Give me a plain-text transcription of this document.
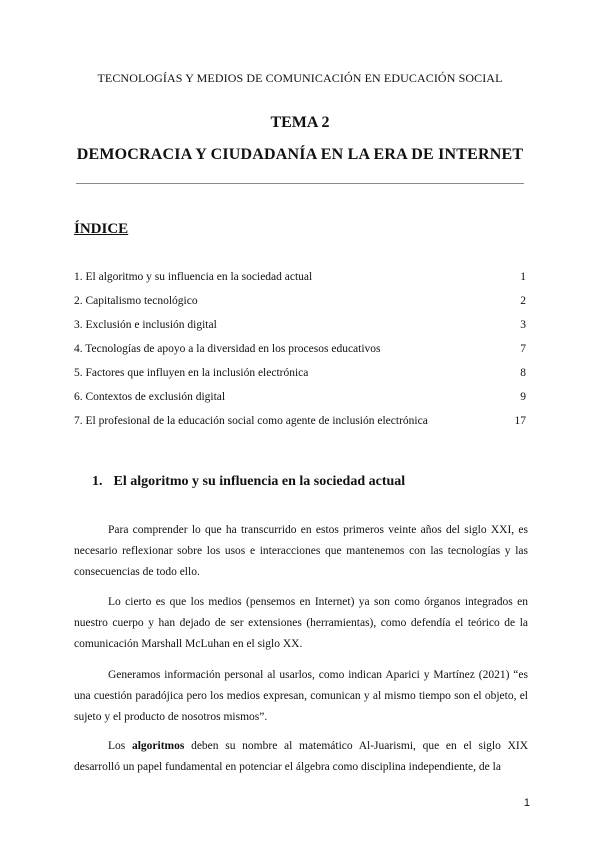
TECNOLOGÍAS Y MEDIOS DE COMUNICACIÓN EN EDUCACIÓN SOCIAL
TEMA 2
DEMOCRACIA Y CIUDADANÍA EN LA ERA DE INTERNET
ÍNDICE
1. El algoritmo y su influencia en la sociedad actual	1
2. Capitalismo tecnológico	2
3. Exclusión e inclusión digital	3
4. Tecnologías de apoyo a la diversidad en los procesos educativos	7
5. Factores que influyen en la inclusión electrónica	8
6. Contextos de exclusión digital	9
7. El profesional de la educación social como agente de inclusión electrónica	17
1. El algoritmo y su influencia en la sociedad actual

Para comprender lo que ha transcurrido en estos primeros veinte años del siglo XXI, es necesario reflexionar sobre los usos e interacciones que mantenemos con las tecnologías y las consecuencias de todo ello.

Lo cierto es que los medios (pensemos en Internet) ya son como órganos integrados en nuestro cuerpo y han dejado de ser extensiones (herramientas), como defendía el teórico de la comunicación Marshall McLuhan en el siglo XX.

Generamos información personal al usarlos, como indican Aparici y Martínez (2021) “es una cuestión paradójica pero los medios expresan, comunican y al mismo tiempo son el objeto, el sujeto y el producto de nosotros mismos”.

Los algoritmos deben su nombre al matemático Al-Juarismi, que en el siglo XIX desarrolló un papel fundamental en potenciar el álgebra como disciplina independiente, de la

1
